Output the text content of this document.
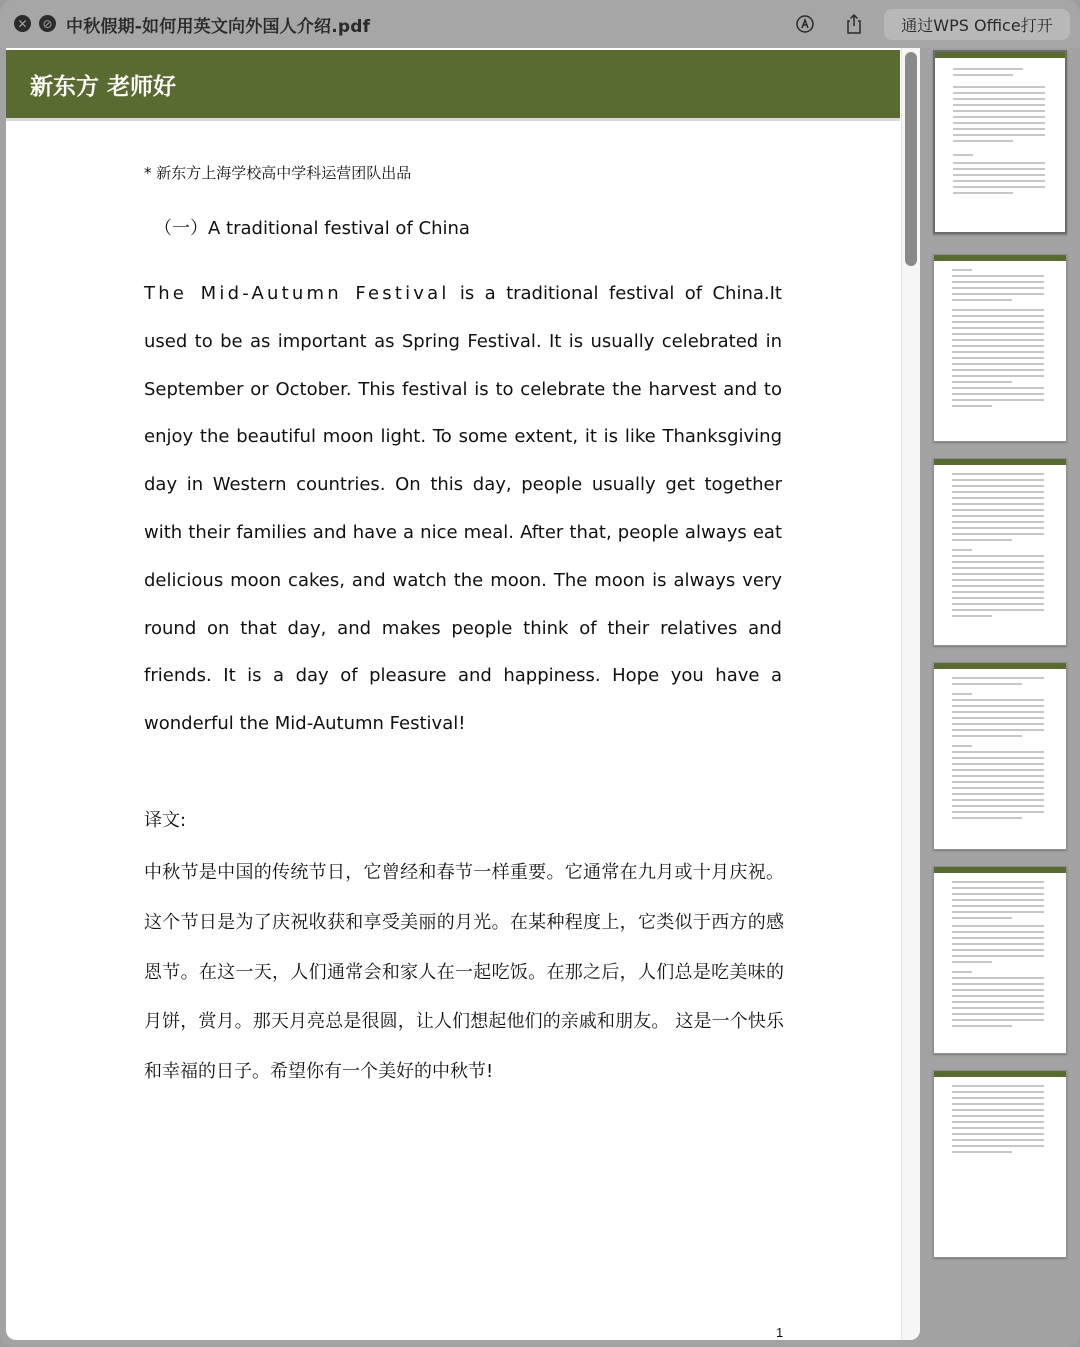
✕ ⊘ 中秋假期-如何用英文向外国人介绍.pdf	通过WPS Office打开
新东方 老师好
* 新东方上海学校高中学科运营团队出品
（一）A traditional festival of China
The Mid-Autumn Festival is a traditional festival of China.It used to be as important as Spring Festival. It is usually celebrated in September or October. This festival is to celebrate the harvest and to enjoy the beautiful moon light. To some extent, it is like Thanksgiving day in Western countries. On this day, people usually get together with their families and have a nice meal. After that, people always eat delicious moon cakes, and watch the moon. The moon is always very round on that day, and makes people think of their relatives and friends. It is a day of pleasure and happiness. Hope you have a wonderful the Mid-Autumn Festival!
译文:
中秋节是中国的传统节日，它曾经和春节一样重要。它通常在九月或十月庆祝。这个节日是为了庆祝收获和享受美丽的月光。在某种程度上，它类似于西方的感恩节。在这一天，人们通常会和家人在一起吃饭。在那之后，人们总是吃美味的月饼，赏月。那天月亮总是很圆，让人们想起他们的亲戚和朋友。 这是一个快乐和幸福的日子。希望你有一个美好的中秋节!
1
